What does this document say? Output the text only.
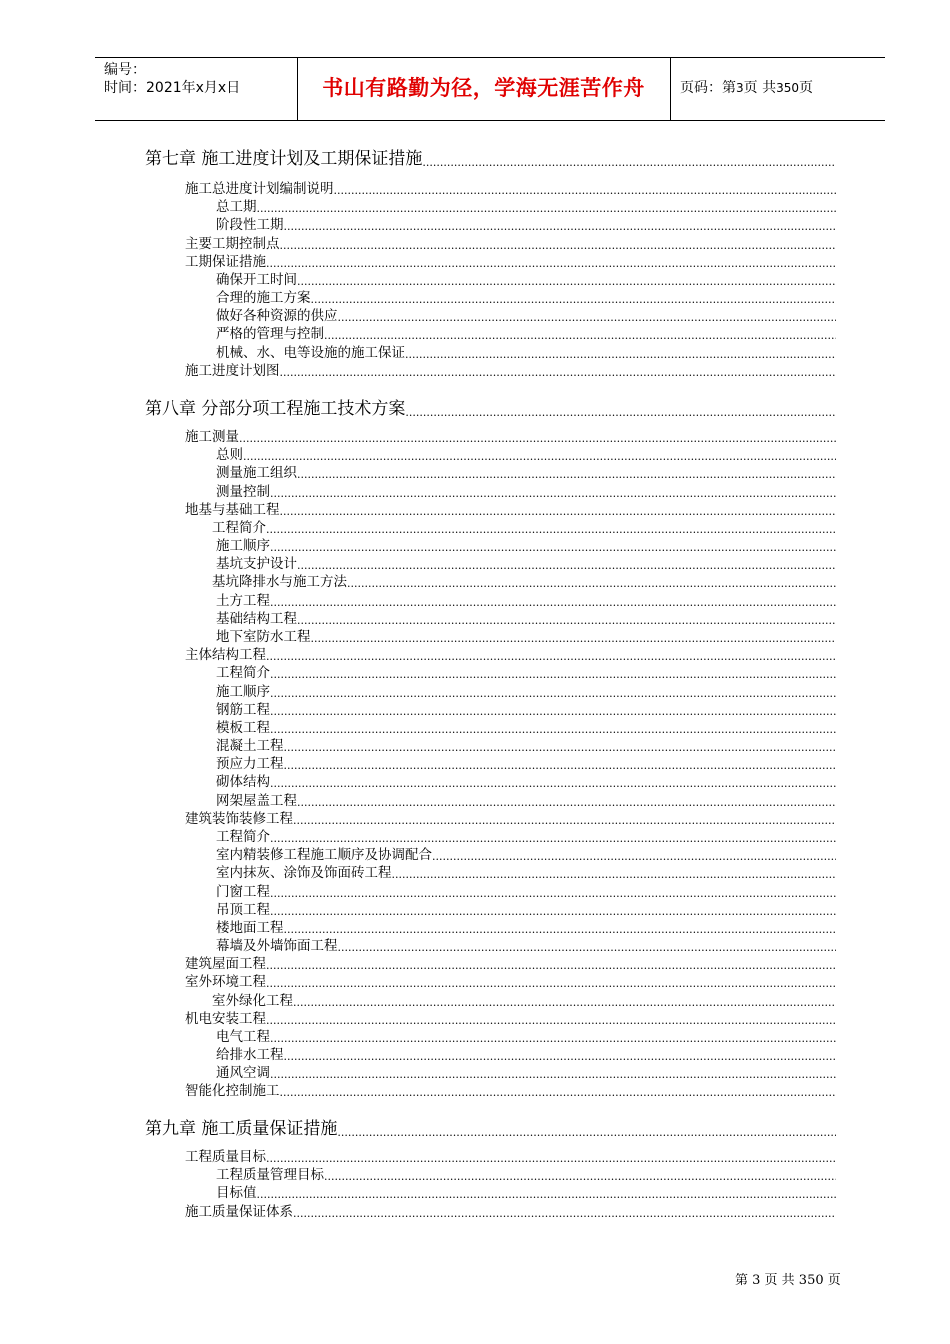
编号：
时间：2021年x月x日	书山有路勤为径，学海无涯苦作舟	页码：第3页 共350页
第七章 施工进度计划及工期保证措施
.....
施工总进度计划编制说明
.....
总工期
.....
阶段性工期
.....
主要工期控制点
.....
工期保证措施
.....
确保开工时间
.....
合理的施工方案
.....
做好各种资源的供应
.....
严格的管理与控制
.....
机械、水、电等设施的施工保证
.....
施工进度计划图
.....
第八章 分部分项工程施工技术方案
.....
施工测量
.....
总则
.....
测量施工组织
.....
测量控制
.....
地基与基础工程
.....
工程简介
.....
施工顺序
.....
基坑支护设计
.....
基坑降排水与施工方法
.....
土方工程
.....
基础结构工程
.....
地下室防水工程
.....
主体结构工程
.....
工程简介
.....
施工顺序
.....
钢筋工程
.....
模板工程
.....
混凝土工程
.....
预应力工程
.....
砌体结构
.....
网架屋盖工程
.....
建筑装饰装修工程
.....
工程简介
.....
室内精装修工程施工顺序及协调配合
.....
室内抹灰、涂饰及饰面砖工程
.....
门窗工程
.....
吊顶工程
.....
楼地面工程
.....
幕墙及外墙饰面工程
.....
建筑屋面工程
.....
室外环境工程
.....
室外绿化工程
.....
机电安装工程
.....
电气工程
.....
给排水工程
.....
通风空调
.....
智能化控制施工
.....
第九章 施工质量保证措施
.....
工程质量目标
.....
工程质量管理目标
.....
目标值
.....
施工质量保证体系
.....
第 3 页 共 350 页
